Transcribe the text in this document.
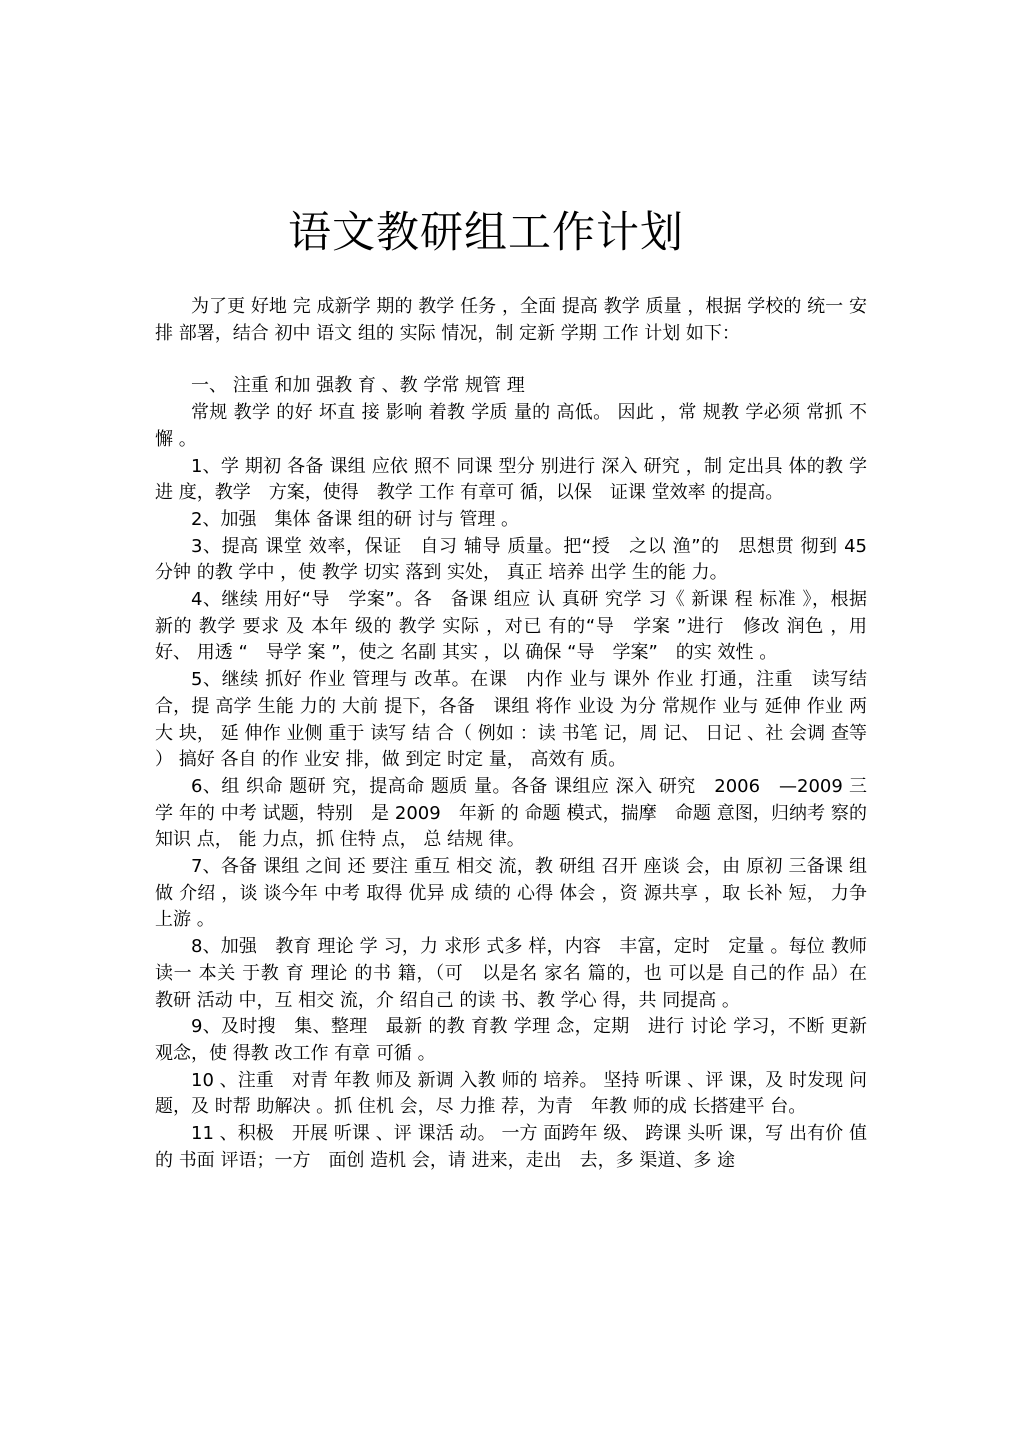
语文教研组工作计划

为了更 好地 完 成新学 期的 教学 任务 ，全面 提高 教学 质量 ，根据 学校的 统一 安排 部署，结合 初中 语文 组的 实际 情况，制 定新 学期 工作 计划 如下：

一、 注重 和加 强教 育 、教 学常 规管 理

常规 教学 的好 坏直 接 影响 着教 学质 量的 高低。 因此 ，常 规教 学必须 常抓 不懈 。

1、学 期初 各备 课组 应依 照不 同课 型分 别进行 深入 研究 ，制 定出具 体的教 学进 度，教学　方案，使得　教学 工作 有章可 循，以保　证课 堂效率 的提高。

2、加强　集体 备课 组的研 讨与 管理 。

3、提高 课堂 效率，保证　自习 辅导 质量。把“授　之以 渔”的　思想贯 彻到 45　分钟 的教 学中 ，使 教学 切实 落到 实处， 真正 培养 出学 生的能 力。

4、继续 用好“导　学案”。各　备课 组应 认 真研 究学 习《 新课 程 标准 》，根据 新的 教学 要求 及 本年 级的 教学 实际 ，对已 有的“导　学案 ”进行　修改 润色 ，用 好、 用透 “　导学 案 ”，使之 名副 其实 ，以 确保 “导　学案”　的实 效性 。

5、继续 抓好 作业 管理与 改革。在课　内作 业与 课外 作业 打通，注重　读写结 合，提 高学 生能 力的 大前 提下，各备　课组 将作 业设 为分 常规作 业与 延伸 作业 两大 块， 延 伸作 业侧 重于 读写 结 合（ 例如 ：读 书笔 记，周 记、 日记 、社 会调 查等 ） 搞好 各自 的作 业安 排，做 到定 时定 量， 高效有 质。

6、组 织命 题研 究，提高命 题质 量。各备 课组应 深入 研究　2006　—2009 三学 年的 中考 试题，特别　是 2009　年新 的 命题 模式，揣摩　命题 意图，归纳考 察的 知识 点， 能 力点，抓 住特 点， 总 结规 律。

7、各备 课组 之间 还 要注 重互 相交 流，教 研组 召开 座谈 会，由 原初 三备课 组做 介绍 ，谈 谈今年 中考 取得 优异 成 绩的 心得 体会 ，资 源共享 ，取 长补 短， 力争 上游 。

8、加强　教育 理论 学 习，力 求形 式多 样，内容　丰富，定时　定量 。每位 教师 读一 本关 于教 育 理论 的书 籍，（可　以是名 家名 篇的，也 可以是 自己的作 品）在　教研 活动 中，互 相交 流，介 绍自己 的读 书、教 学心 得，共 同提高 。

9、及时搜　集、整理　最新 的教 育教 学理 念，定期　进行 讨论 学习，不断 更新 观念，使 得教 改工作 有章 可循 。

10 、注重　对青 年教 师及 新调 入教 师的 培养。 坚持 听课 、评 课，及 时发现 问题，及 时帮 助解决 。抓 住机 会，尽 力推 荐，为青　年教 师的成 长搭建平 台。

11 、积极　开展 听课 、评 课活 动。 一方 面跨年 级、 跨课 头听 课，写 出有价 值的 书面 评语；一方　面创 造机 会，请 进来，走出　去，多 渠道、多 途
